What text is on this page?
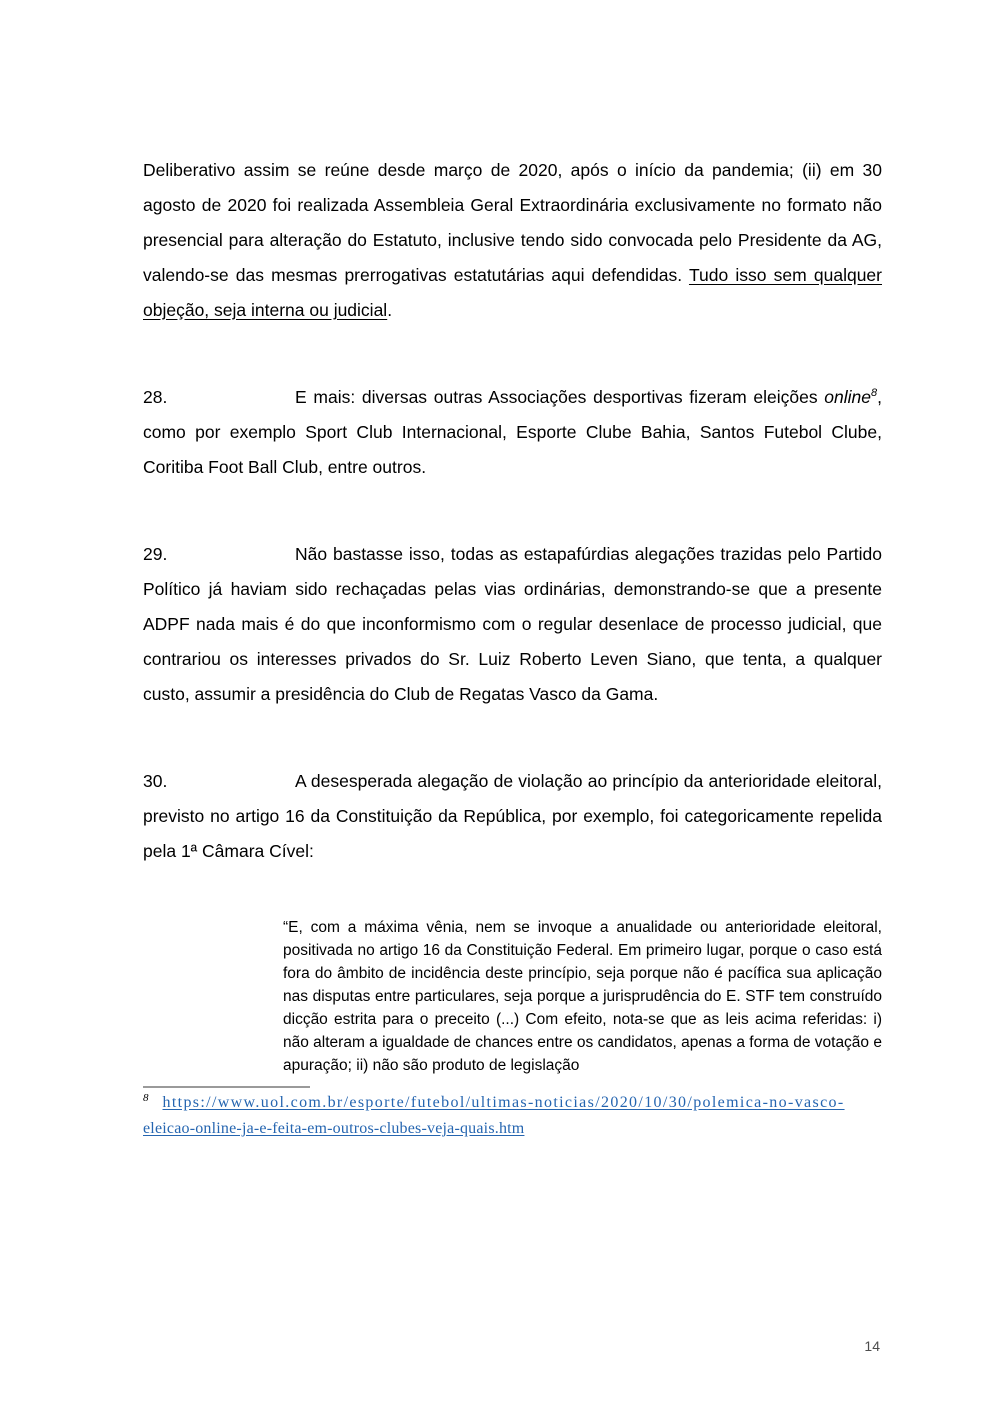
Deliberativo assim se reúne desde março de 2020, após o início da pandemia; (ii) em 30 agosto de 2020 foi realizada Assembleia Geral Extraordinária exclusivamente no formato não presencial para alteração do Estatuto, inclusive tendo sido convocada pelo Presidente da AG, valendo-se das mesmas prerrogativas estatutárias aqui defendidas. Tudo isso sem qualquer objeção, seja interna ou judicial.

28.	E mais: diversas outras Associações desportivas fizeram eleições online$^8$, como por exemplo Sport Club Internacional, Esporte Clube Bahia, Santos Futebol Clube, Coritiba Foot Ball Club, entre outros.

29.	Não bastasse isso, todas as estapafúrdias alegações trazidas pelo Partido Político já haviam sido rechaçadas pelas vias ordinárias, demonstrando-se que a presente ADPF nada mais é do que inconformismo com o regular desenlace de processo judicial, que contrariou os interesses privados do Sr. Luiz Roberto Leven Siano, que tenta, a qualquer custo, assumir a presidência do Club de Regatas Vasco da Gama.

30.	A desesperada alegação de violação ao princípio da anterioridade eleitoral, previsto no artigo 16 da Constituição da República, por exemplo, foi categoricamente repelida pela 1ª Câmara Cível:

“E, com a máxima vênia, nem se invoque a anualidade ou anterioridade eleitoral, positivada no artigo 16 da Constituição Federal. Em primeiro lugar, porque o caso está fora do âmbito de incidência deste princípio, seja porque não é pacífica sua aplicação nas disputas entre particulares, seja porque a jurisprudência do E. STF tem construído dicção estrita para o preceito (...) Com efeito, nota-se que as leis acima referidas: i) não alteram a igualdade de chances entre os candidatos, apenas a forma de votação e apuração; ii) não são produto de legislação

$^8$ https://www.uol.com.br/esporte/futebol/ultimas-noticias/2020/10/30/polemica-no-vasco-
eleicao-online-ja-e-feita-em-outros-clubes-veja-quais.htm
14
